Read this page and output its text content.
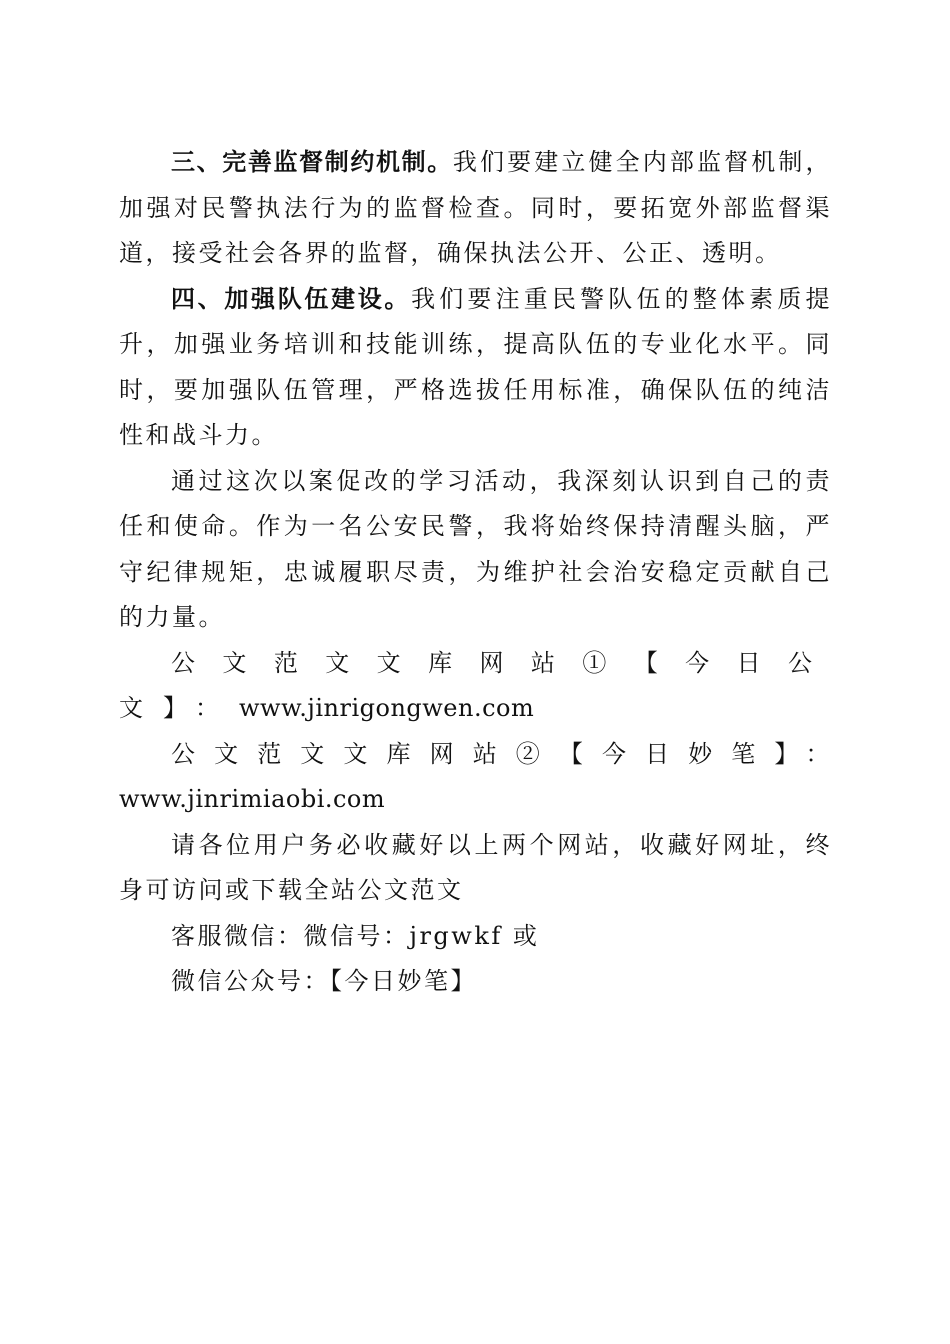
三、完善监督制约机制。我们要建立健全内部监督机制，加强对民警执法行为的监督检查。同时，要拓宽外部监督渠道，接受社会各界的监督，确保执法公开、公正、透明。

四、加强队伍建设。我们要注重民警队伍的整体素质提升，加强业务培训和技能训练，提高队伍的专业化水平。同时，要加强队伍管理，严格选拔任用标准，确保队伍的纯洁性和战斗力。

通过这次以案促改的学习活动，我深刻认识到自己的责任和使命。作为一名公安民警，我将始终保持清醒头脑，严守纪律规矩，忠诚履职尽责，为维护社会治安稳定贡献自己的力量。

公文范文文库网站①【今日公文】：www.jinrigongwen.com

公文范文文库网站②【今日妙笔】：www.jinrimiaobi.com

请各位用户务必收藏好以上两个网站，收藏好网址，终身可访问或下载全站公文范文

客服微信：微信号：jrgwkf 或

微信公众号：【今日妙笔】
